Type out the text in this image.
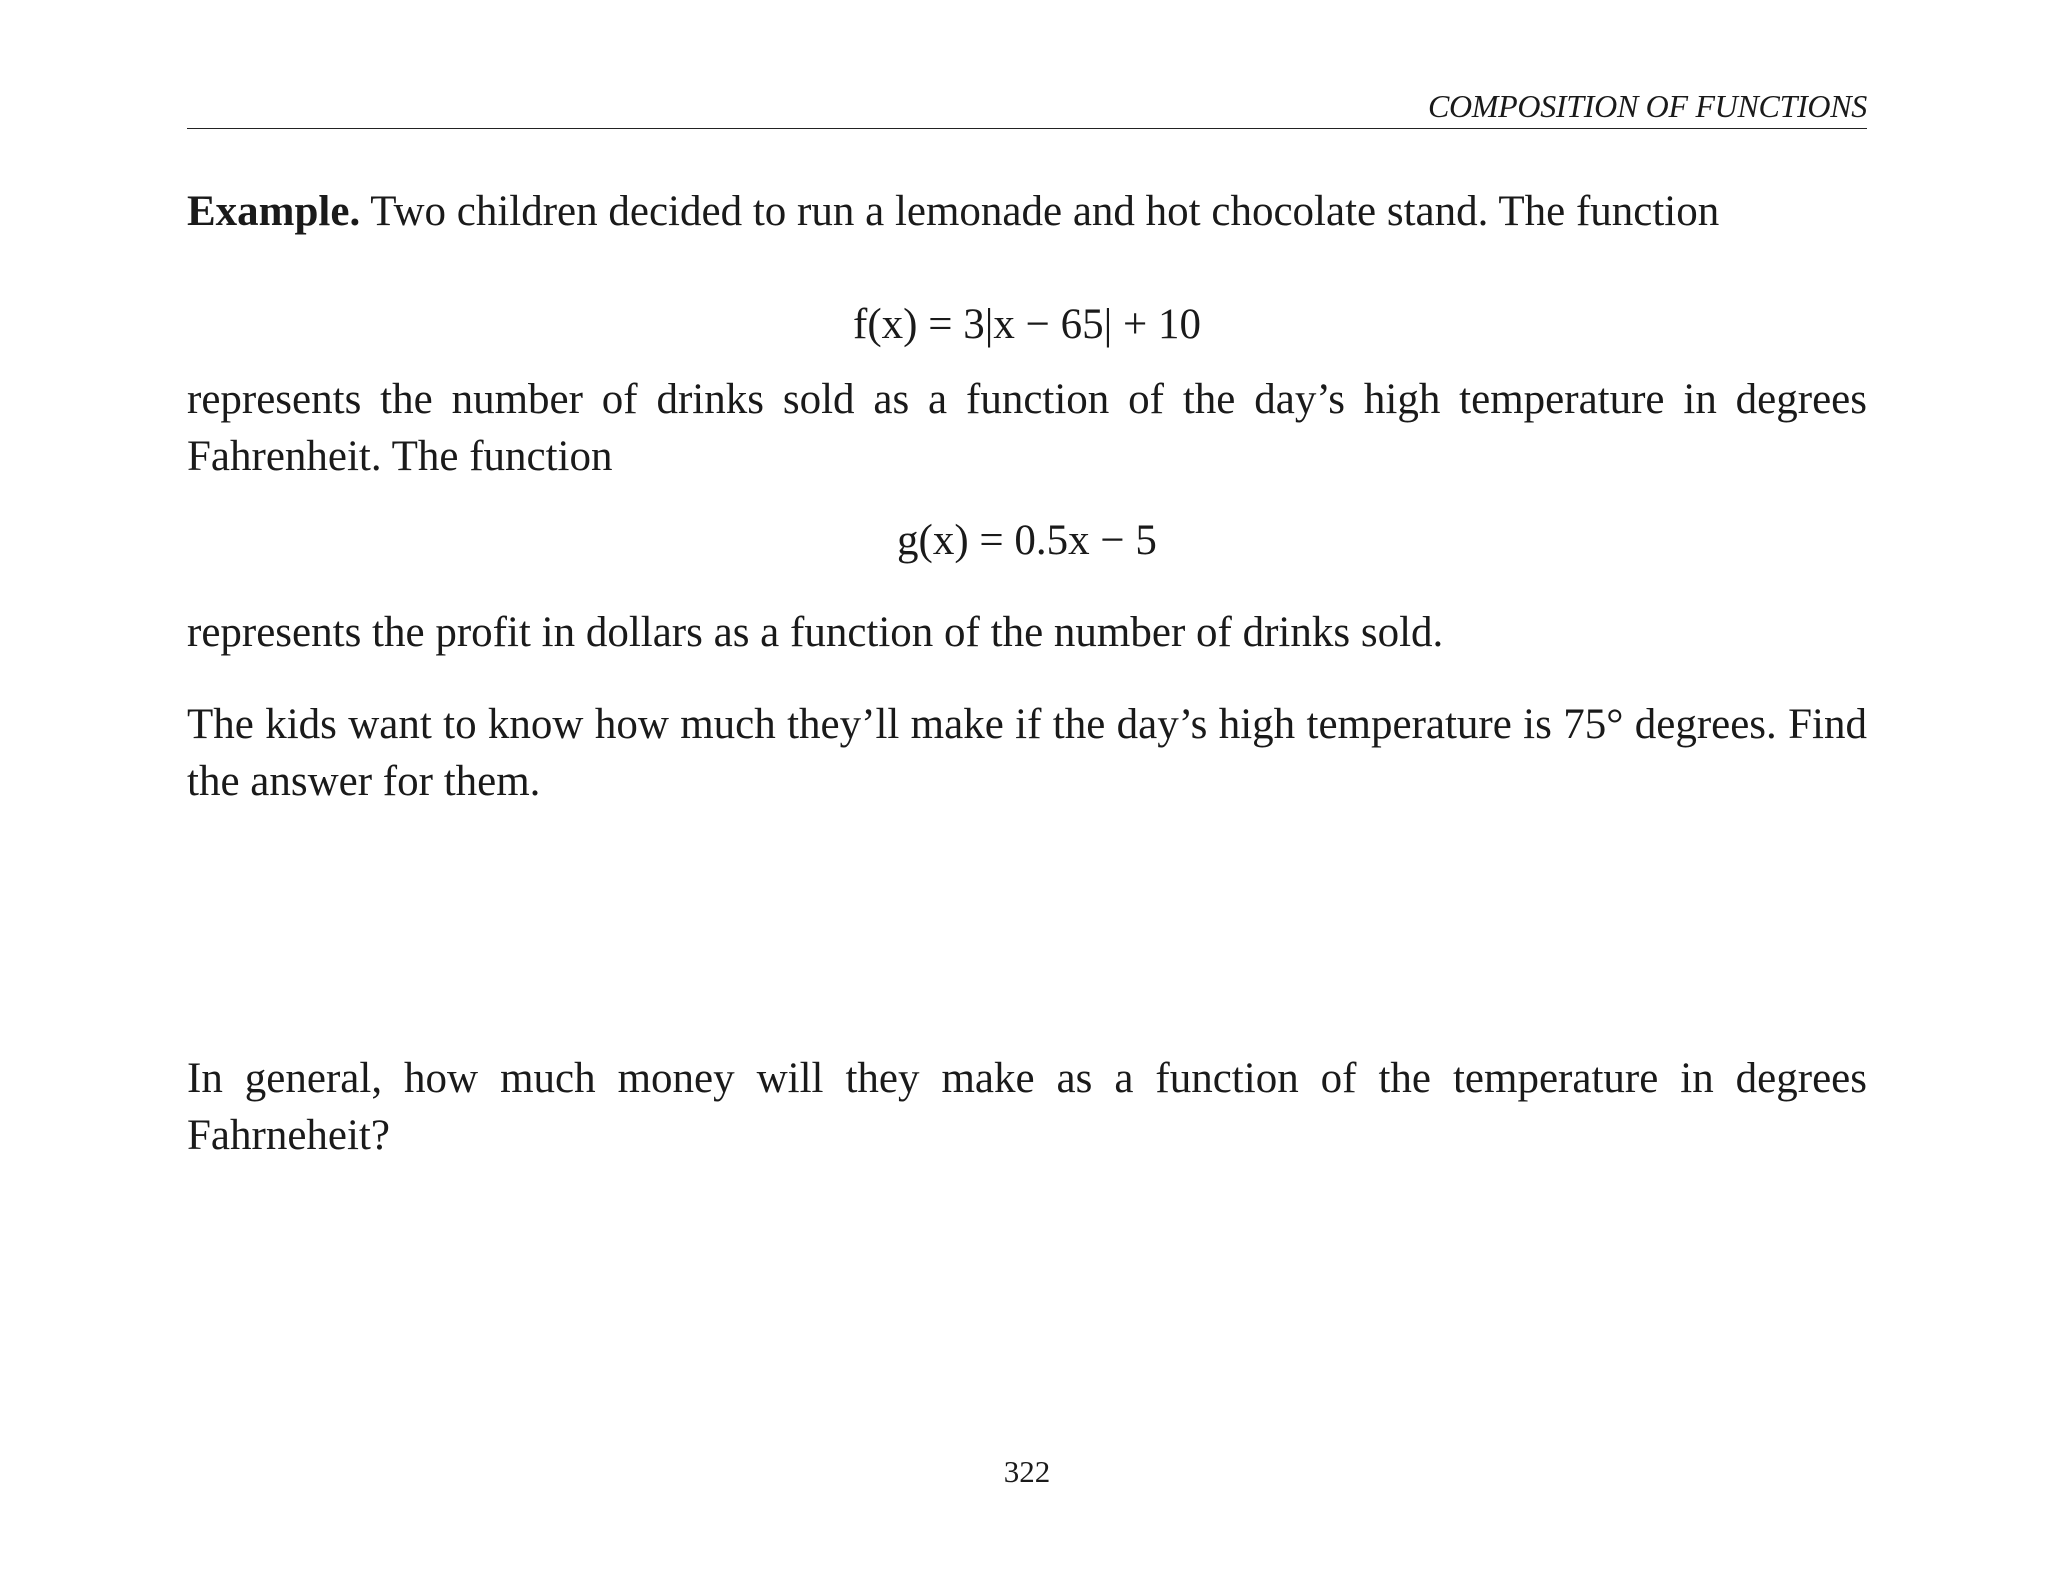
COMPOSITION OF FUNCTIONS
Example. Two children decided to run a lemonade and hot chocolate stand. The function
f(x) = 3|x − 65| + 10
represents the number of drinks sold as a function of the day’s high temperature in degrees Fahrenheit. The function
g(x) = 0.5x − 5
represents the profit in dollars as a function of the number of drinks sold.
The kids want to know how much they’ll make if the day’s high temperature is 75° degrees. Find the answer for them.
In general, how much money will they make as a function of the temperature in degrees Fahrneheit?
322
